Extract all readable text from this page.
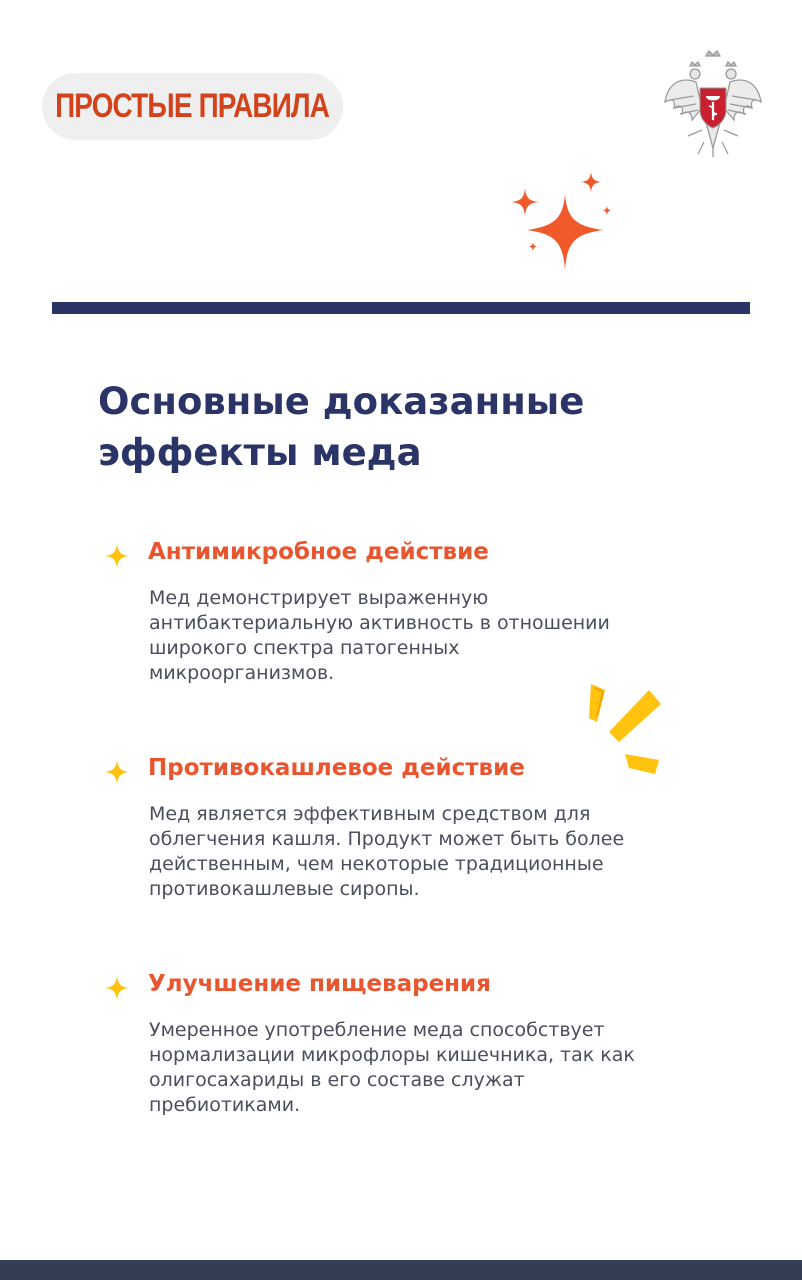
ПРОСТЫЕ ПРАВИЛА
Основные доказанные
эффекты меда
Антимикробное действие
Мед демонстрирует выраженную
антибактериальную активность в отношении
широкого спектра патогенных
микроорганизмов.
Противокашлевое действие
Мед является эффективным средством для
облегчения кашля. Продукт может быть более
действенным, чем некоторые традиционные
противокашлевые сиропы.
Улучшение пищеварения
Умеренное употребление меда способствует
нормализации микрофлоры кишечника, так как
олигосахариды в его составе служат
пребиотиками.
